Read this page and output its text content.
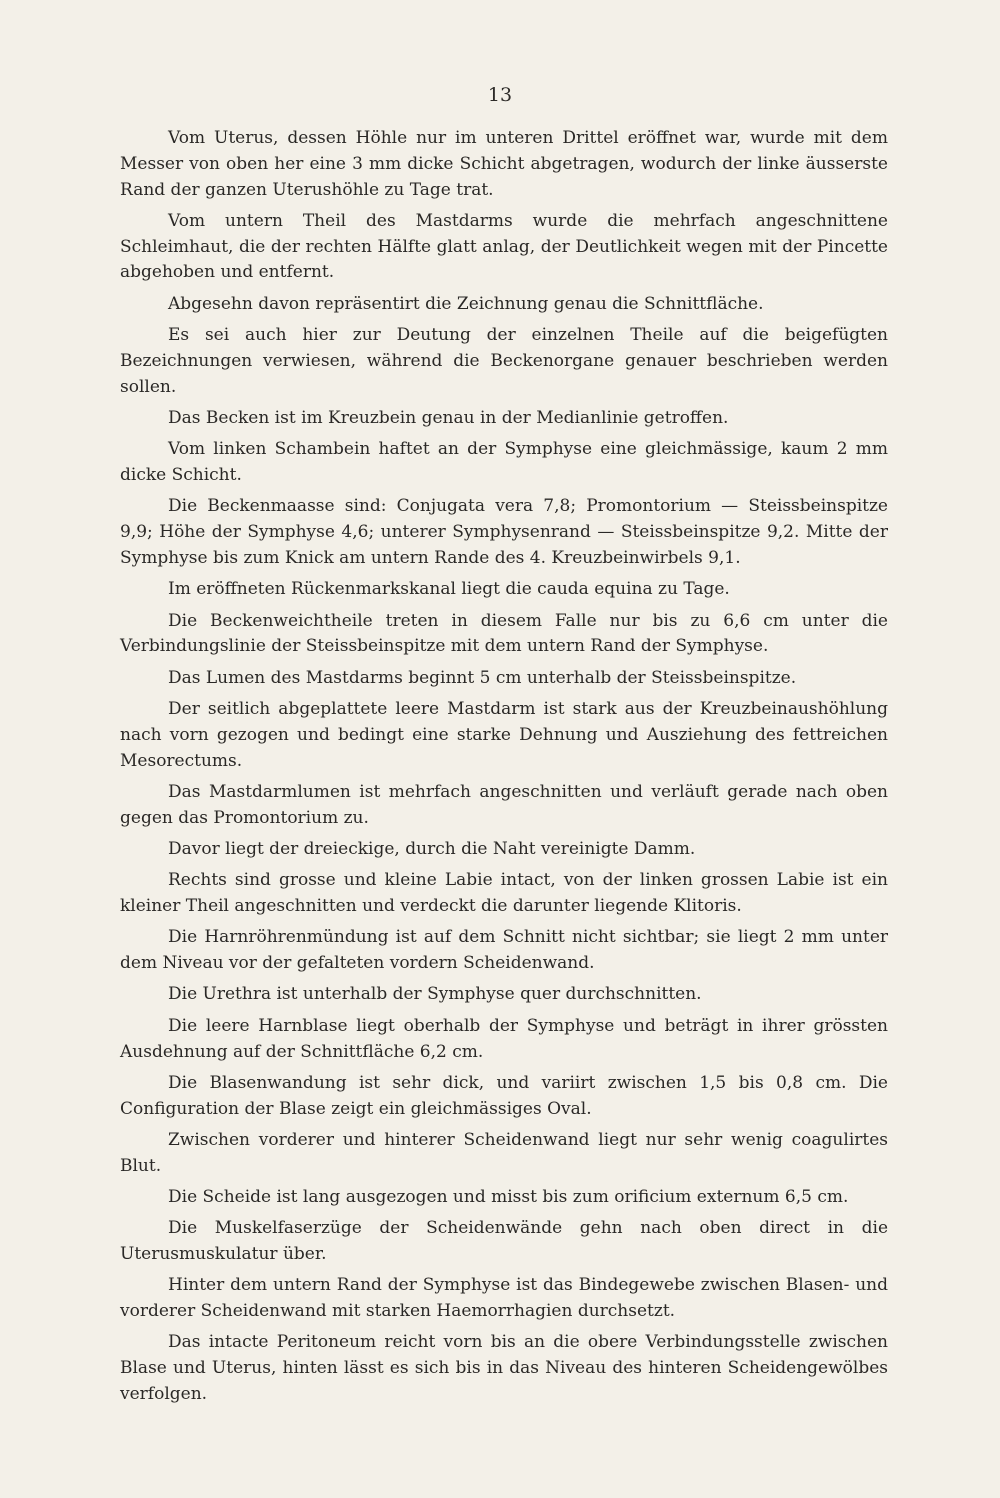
13

Vom Uterus, dessen Höhle nur im unteren Drittel eröffnet war, wurde mit dem Messer von oben her eine 3 mm dicke Schicht abgetragen, wodurch der linke äusserste Rand der ganzen Uterushöhle zu Tage trat.

Vom untern Theil des Mastdarms wurde die mehrfach angeschnittene Schleimhaut, die der rechten Hälfte glatt anlag, der Deutlichkeit wegen mit der Pincette abgehoben und entfernt.

Abgesehn davon repräsentirt die Zeichnung genau die Schnittfläche.

Es sei auch hier zur Deutung der einzelnen Theile auf die beigefügten Bezeichnungen verwiesen, während die Beckenorgane genauer beschrieben werden sollen.

Das Becken ist im Kreuzbein genau in der Medianlinie getroffen.

Vom linken Schambein haftet an der Symphyse eine gleichmässige, kaum 2 mm dicke Schicht.

Die Beckenmaasse sind: Conjugata vera 7,8; Promontorium — Steissbeinspitze 9,9; Höhe der Symphyse 4,6; unterer Symphysenrand — Steissbeinspitze 9,2. Mitte der Symphyse bis zum Knick am untern Rande des 4. Kreuzbeinwirbels 9,1.

Im eröffneten Rückenmarkskanal liegt die cauda equina zu Tage.

Die Beckenweichtheile treten in diesem Falle nur bis zu 6,6 cm unter die Verbindungslinie der Steissbeinspitze mit dem untern Rand der Symphyse.

Das Lumen des Mastdarms beginnt 5 cm unterhalb der Steissbeinspitze.

Der seitlich abgeplattete leere Mastdarm ist stark aus der Kreuzbeinaushöhlung nach vorn gezogen und bedingt eine starke Dehnung und Ausziehung des fettreichen Mesorectums.

Das Mastdarmlumen ist mehrfach angeschnitten und verläuft gerade nach oben gegen das Promontorium zu.

Davor liegt der dreieckige, durch die Naht vereinigte Damm.

Rechts sind grosse und kleine Labie intact, von der linken grossen Labie ist ein kleiner Theil angeschnitten und verdeckt die darunter liegende Klitoris.

Die Harnröhrenmündung ist auf dem Schnitt nicht sichtbar; sie liegt 2 mm unter dem Niveau vor der gefalteten vordern Scheidenwand.

Die Urethra ist unterhalb der Symphyse quer durchschnitten.

Die leere Harnblase liegt oberhalb der Symphyse und beträgt in ihrer grössten Ausdehnung auf der Schnittfläche 6,2 cm.

Die Blasenwandung ist sehr dick, und variirt zwischen 1,5 bis 0,8 cm. Die Configuration der Blase zeigt ein gleichmässiges Oval.

Zwischen vorderer und hinterer Scheidenwand liegt nur sehr wenig coagulirtes Blut.

Die Scheide ist lang ausgezogen und misst bis zum orificium externum 6,5 cm.

Die Muskelfaserzüge der Scheidenwände gehn nach oben direct in die Uterusmuskulatur über.

Hinter dem untern Rand der Symphyse ist das Bindegewebe zwischen Blasen- und vorderer Scheidenwand mit starken Haemorrhagien durchsetzt.

Das intacte Peritoneum reicht vorn bis an die obere Verbindungsstelle zwischen Blase und Uterus, hinten lässt es sich bis in das Niveau des hinteren Scheidengewölbes verfolgen.
